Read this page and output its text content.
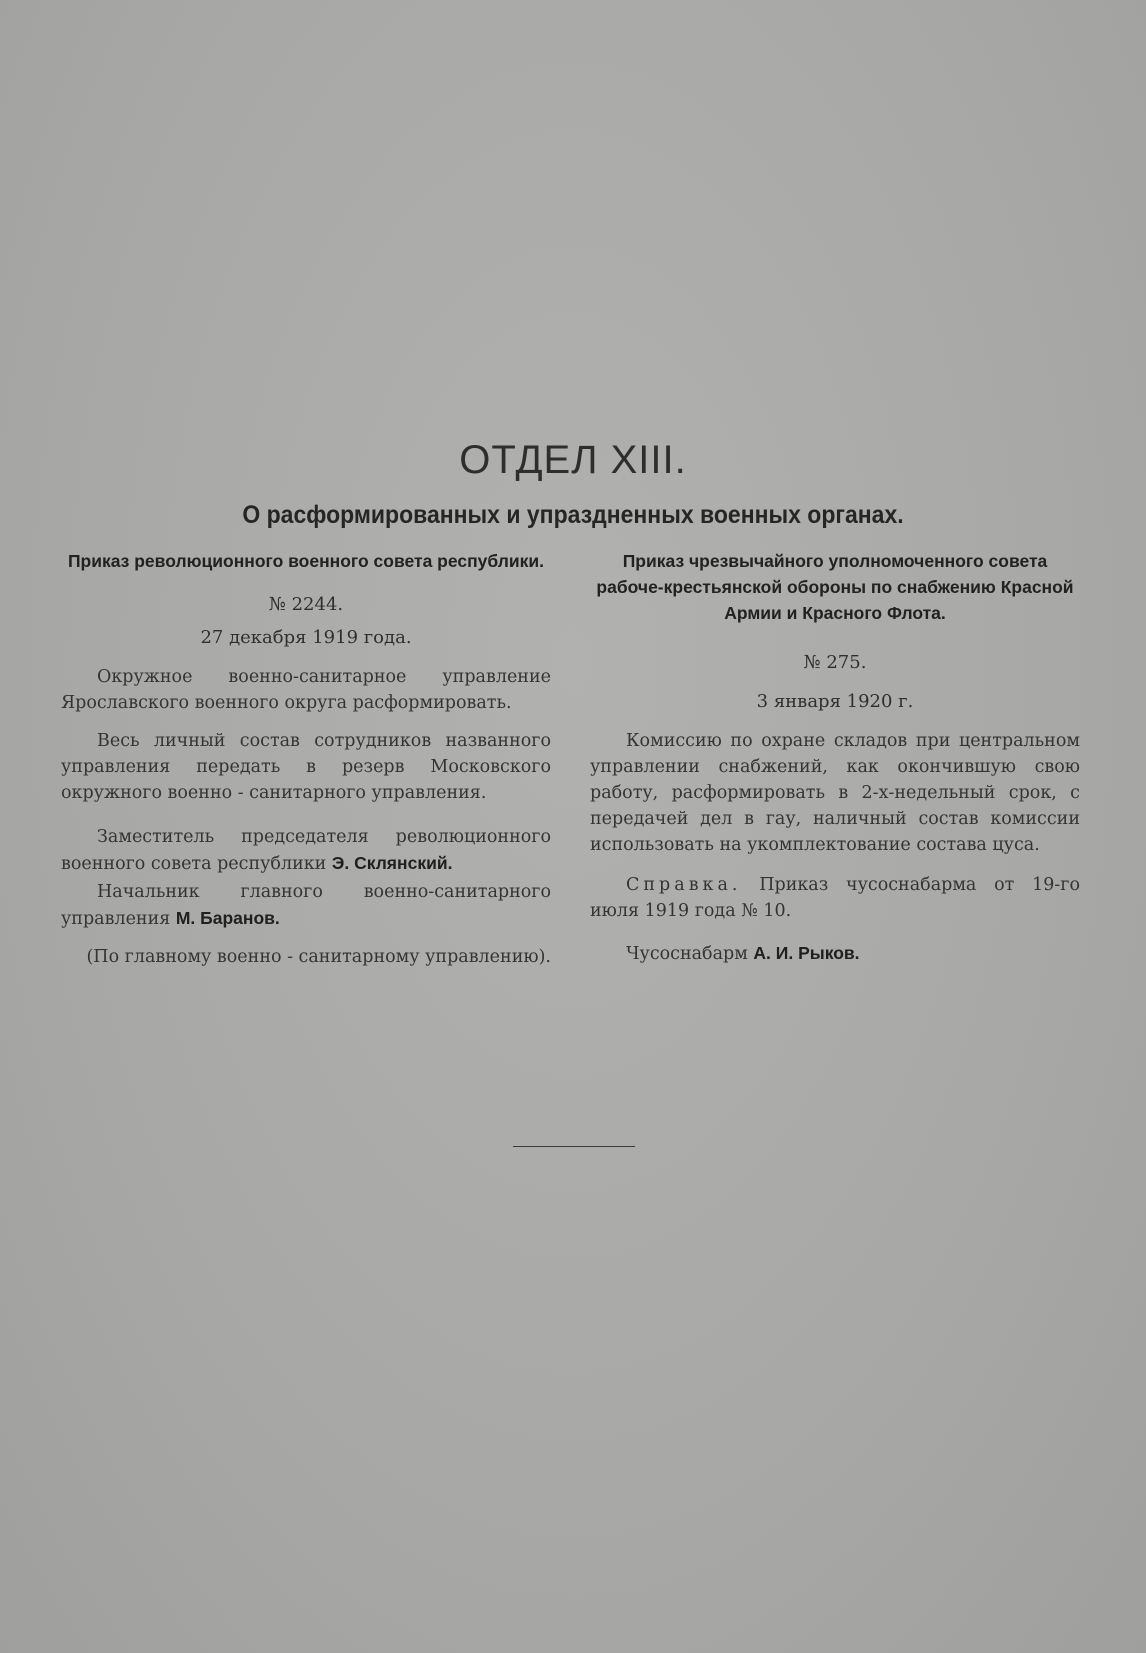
ОТДЕЛ XIII.
О расформированных и упраздненных военных органах.
Приказ революционного военного совета республики.
№ 2244.
27 декабря 1919 года.

Окружное военно-санитарное управление Ярославского военного округа расформировать.

Весь личный состав сотрудников названного управления передать в резерв Московского окружного военно - санитарного управления.

Заместитель председателя революционного военного совета республики Э. Склянский.

Начальник главного военно-санитарного управления М. Баранов.

(По главному военно - санитарному управлению).

Приказ чрезвычайного уполномоченного совета рабоче-крестьянской обороны по снабжению Красной Армии и Красного Флота.
№ 275.
3 января 1920 г.

Комиссию по охране складов при центральном управлении снабжений, как окончившую свою работу, расформировать в 2-х-недельный срок, с передачей дел в гау, наличный состав комиссии использовать на укомплектование состава цуса.

Справка. Приказ чусоснабарма от 19-го июля 1919 года № 10.

Чусоснабарм А. И. Рыков.
